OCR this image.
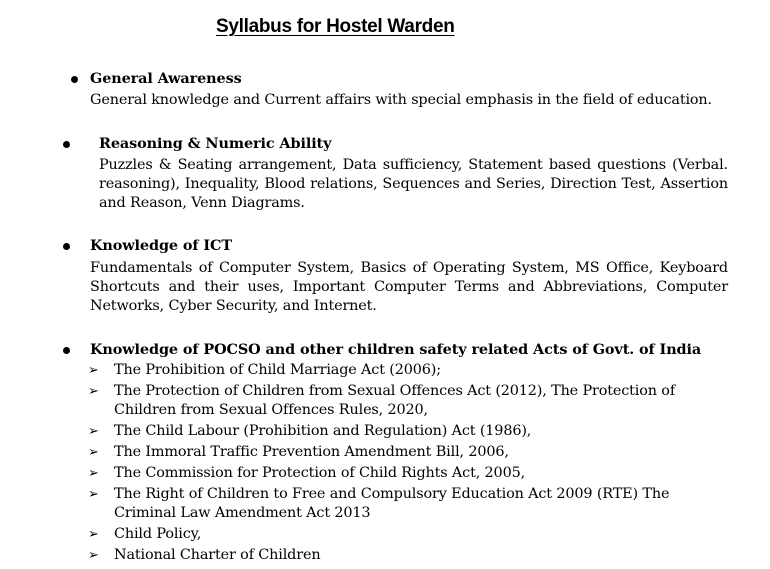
Syllabus for Hostel Warden
General Awareness
General knowledge and Current affairs with special emphasis in the field of education.
Reasoning & Numeric Ability
Puzzles & Seating arrangement, Data sufficiency, Statement based questions (Verbal. reasoning), Inequality, Blood relations, Sequences and Series, Direction Test, Assertion and Reason, Venn Diagrams.
Knowledge of ICT
Fundamentals of Computer System, Basics of Operating System, MS Office, Keyboard Shortcuts and their uses, Important Computer Terms and Abbreviations, Computer Networks, Cyber Security, and Internet.
Knowledge of POCSO and other children safety related Acts of Govt. of India
➢ The Prohibition of Child Marriage Act (2006);
➢ The Protection of Children from Sexual Offences Act (2012), The Protection of Children from Sexual Offences Rules, 2020,
➢ The Child Labour (Prohibition and Regulation) Act (1986),
➢ The Immoral Traffic Prevention Amendment Bill, 2006,
➢ The Commission for Protection of Child Rights Act, 2005,
➢ The Right of Children to Free and Compulsory Education Act 2009 (RTE) The Criminal Law Amendment Act 2013
➢ Child Policy,
➢ National Charter of Children
